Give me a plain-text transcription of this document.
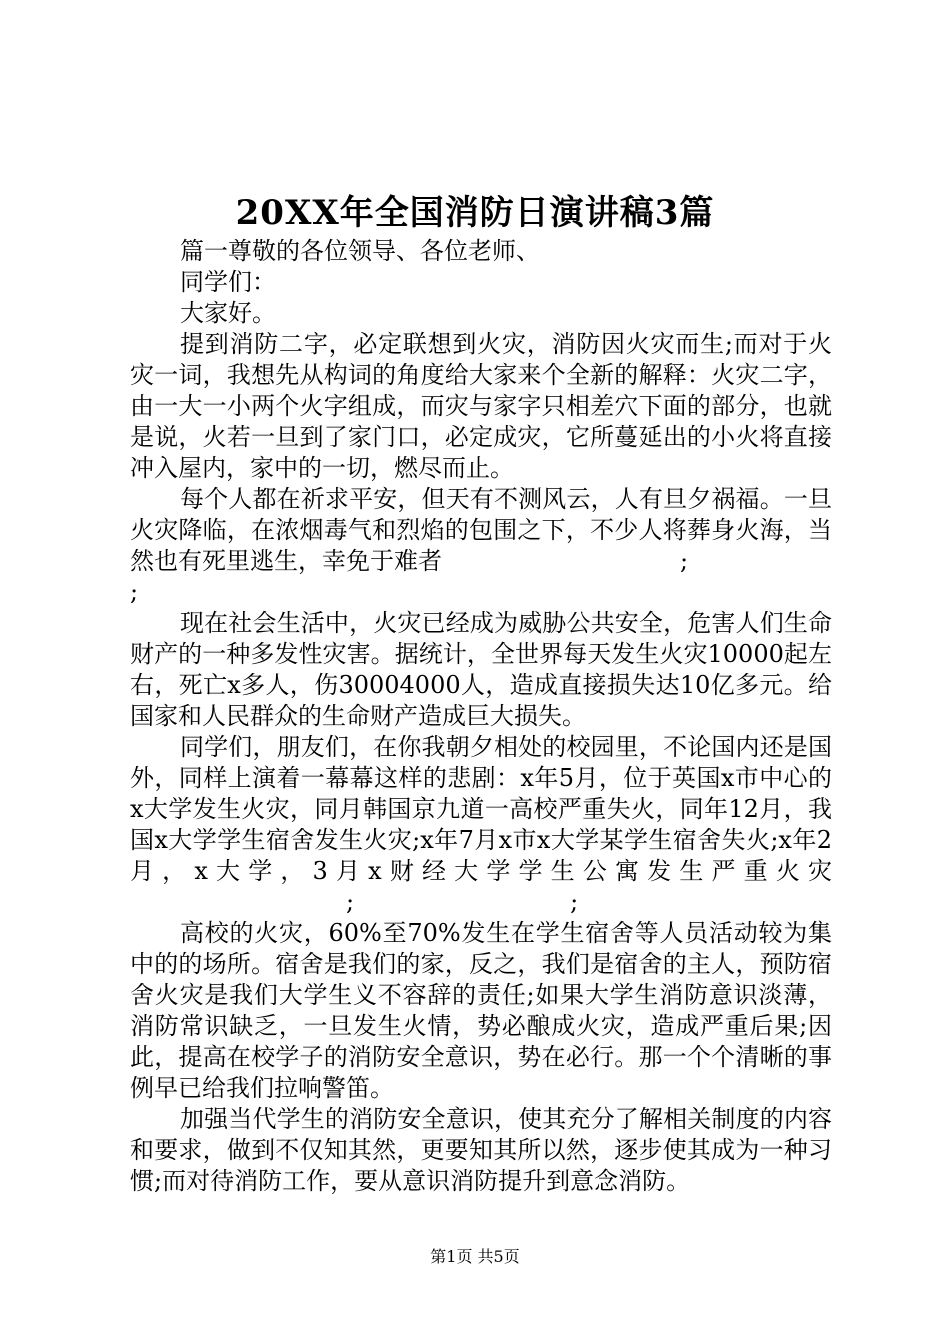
20XX年全国消防日演讲稿3篇

篇一尊敬的各位领导、各位老师、

同学们：

大家好。

提到消防二字，必定联想到火灾，消防因火灾而生;而对于火灾一词，我想先从构词的角度给大家来个全新的解释：火灾二字，由一大一小两个火字组成，而灾与家字只相差穴下面的部分，也就是说，火若一旦到了家门口，必定成灾，它所蔓延出的小火将直接冲入屋内，家中的一切，燃尽而止。

每个人都在祈求平安，但天有不测风云，人有旦夕祸福。一旦火灾降临，在浓烟毒气和烈焰的包围之下，不少人将葬身火海，当然也有死里逃生，幸免于难者	;

;

现在社会生活中，火灾已经成为威胁公共安全，危害人们生命财产的一种多发性灾害。据统计，全世界每天发生火灾10000起左右，死亡x多人，伤30004000人，造成直接损失达10亿多元。给国家和人民群众的生命财产造成巨大损失。

同学们，朋友们，在你我朝夕相处的校园里，不论国内还是国外，同样上演着一幕幕这样的悲剧：x年5月，位于英国x市中心的x大学发生火灾，同月韩国京九道一高校严重失火，同年12月，我国x大学学生宿舍发生火灾;x年7月x市x大学某学生宿舍失火;x年2月，x大学，3月x财经大学学生公寓发生严重火灾;	;

高校的火灾，60%至70%发生在学生宿舍等人员活动较为集中的的场所。宿舍是我们的家，反之，我们是宿舍的主人，预防宿舍火灾是我们大学生义不容辞的责任;如果大学生消防意识淡薄，消防常识缺乏，一旦发生火情，势必酿成火灾，造成严重后果;因此，提高在校学子的消防安全意识，势在必行。那一个个清晰的事例早已给我们拉响警笛。

加强当代学生的消防安全意识，使其充分了解相关制度的内容和要求，做到不仅知其然，更要知其所以然，逐步使其成为一种习惯;而对待消防工作，要从意识消防提升到意念消防。

第1页 共5页
